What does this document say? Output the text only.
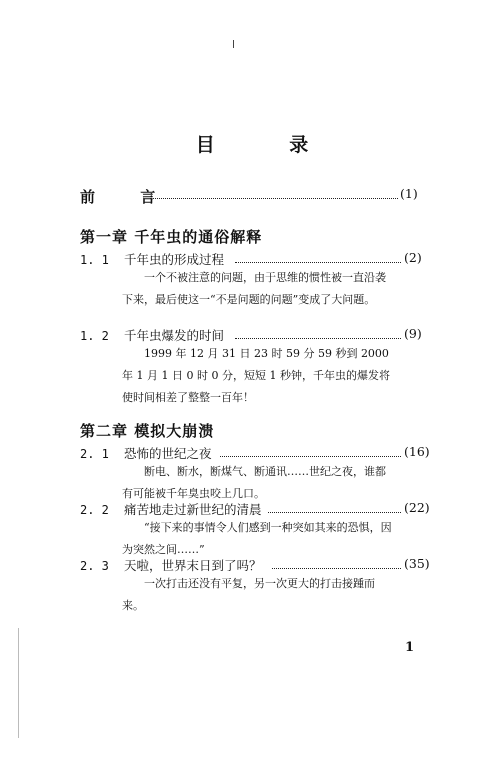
目 录
前 言	(1)
第一章 千年虫的通俗解释
1. 1 千年虫的形成过程	(2)
一个不被注意的问题，由于思维的惯性被一直沿袭下来，最后使这一“不是问题的问题”变成了大问题。
1. 2 千年虫爆发的时间	(9)
1999 年 12 月 31 日 23 时 59 分 59 秒到 2000 年 1 月 1 日 0 时 0 分，短短 1 秒钟，千年虫的爆发将使时间相差了整整一百年！
第二章 模拟大崩溃
2. 1 恐怖的世纪之夜	(16)
断电、断水，断煤气、断通讯……世纪之夜，谁都有可能被千年臭虫咬上几口。
2. 2 痛苦地走过新世纪的清晨	(22)
“接下来的事情令人们感到一种突如其来的恐惧，因为突然之间……”
2. 3 天啦，世界末日到了吗？	(35)
一次打击还没有平复，另一次更大的打击接踵而来。
1
